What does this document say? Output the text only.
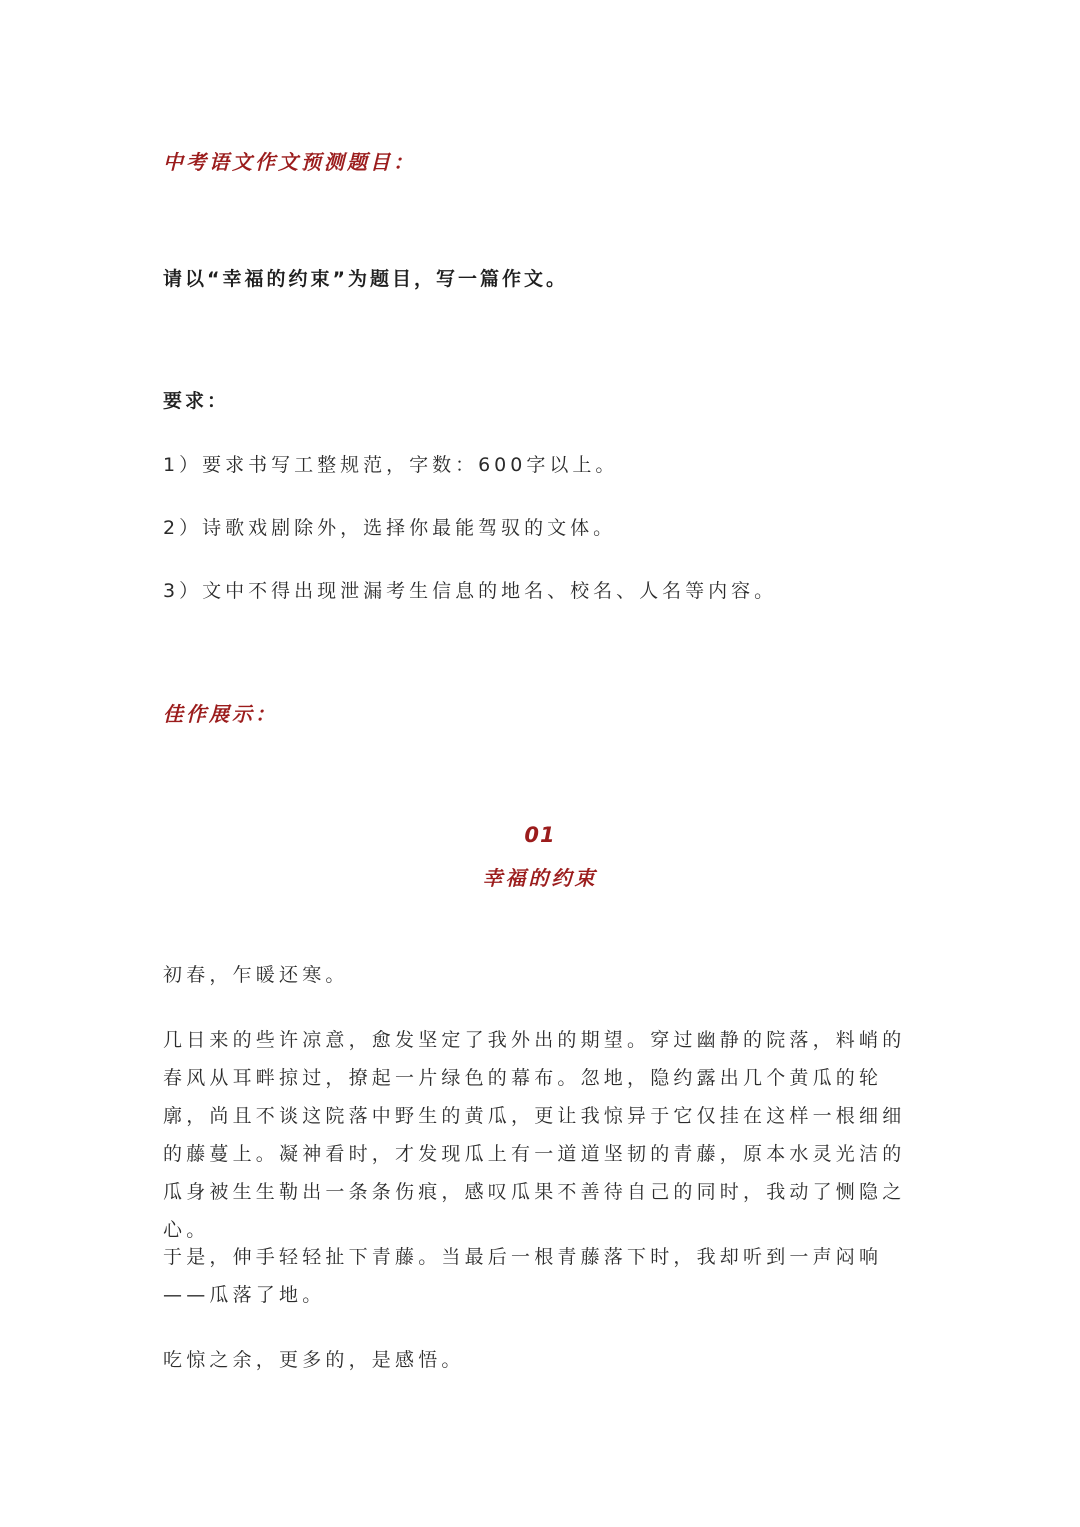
中考语文作文预测题目：

请以“幸福的约束”为题目，写一篇作文。

要求：

1）要求书写工整规范，字数：600字以上。

2）诗歌戏剧除外，选择你最能驾驭的文体。

3）文中不得出现泄漏考生信息的地名、校名、人名等内容。

佳作展示：

01

幸福的约束

初春，乍暖还寒。

几日来的些许凉意，愈发坚定了我外出的期望。穿过幽静的院落，料峭的春风从耳畔掠过，撩起一片绿色的幕布。忽地，隐约露出几个黄瓜的轮廓，尚且不谈这院落中野生的黄瓜，更让我惊异于它仅挂在这样一根细细的藤蔓上。凝神看时，才发现瓜上有一道道坚韧的青藤，原本水灵光洁的瓜身被生生勒出一条条伤痕，感叹瓜果不善待自己的同时，我动了恻隐之心。

于是，伸手轻轻扯下青藤。当最后一根青藤落下时，我却听到一声闷响——瓜落了地。

吃惊之余，更多的，是感悟。
